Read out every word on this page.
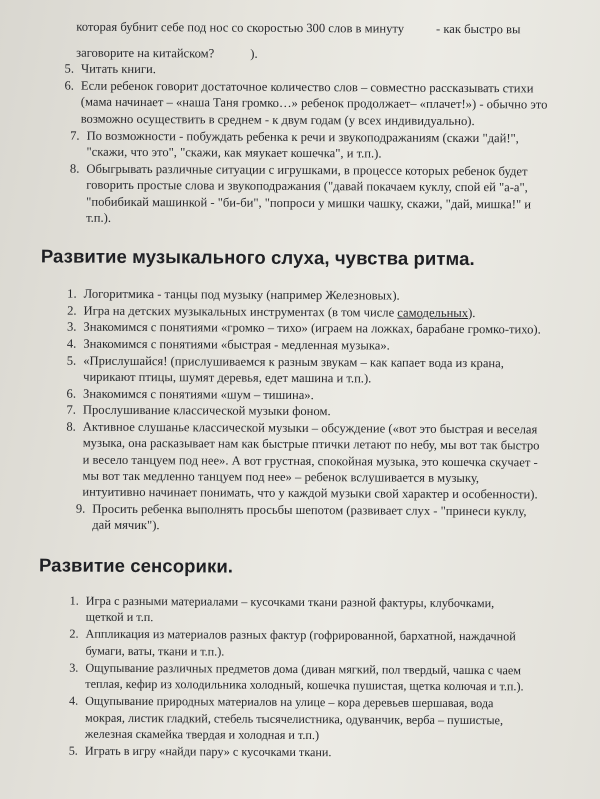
которая бубнит себе под нос со скоростью 300 слов в минуту	- как быстро вы
заговорите на китайском?	).
5. Читать книги.
6. Если ребенок говорит достаточное количество слов – совместно рассказывать стихи (мама начинает – «наша Таня громко…» ребенок продолжает– «плачет!») - обычно это возможно осуществить в среднем - к двум годам (у всех индивидуально).
7. По возможности - побуждать ребенка к речи и звукоподражаниям (скажи "дай!", "скажи, что это", "скажи, как мяукает кошечка", и т.п.).
8. Обыгрывать различные ситуации с игрушками, в процессе которых ребенок будет говорить простые слова и звукоподражания ("давай покачаем куклу, спой ей "а-а", "побибикай машинкой - "би-би", "попроси у мишки чашку, скажи, "дай, мишка!" и т.п.).
Развитие музыкального слуха, чувства ритма.
1. Логоритмика - танцы под музыку (например Железновых).
2. Игра на детских музыкальных инструментах (в том числе самодельных).
3. Знакомимся с понятиями «громко – тихо» (играем на ложках, барабане громко-тихо).
4. Знакомимся с понятиями «быстрая - медленная музыка».
5. «Прислушайся! (прислушиваемся к разным звукам – как капает вода из крана, чирикают птицы, шумят деревья, едет машина и т.п.).
6. Знакомимся с понятиями «шум – тишина».
7. Прослушивание классической музыки фоном.
8. Активное слушанье классической музыки – обсуждение («вот это быстрая и веселая музыка, она расказывает нам как быстрые птички летают по небу, мы вот так быстро и весело танцуем под нее». А вот грустная, спокойная музыка, это кошечка скучает - мы вот так медленно танцуем под нее» – ребенок вслушивается в музыку, интуитивно начинает понимать, что у каждой музыки свой характер и особенности).
9. Просить ребенка выполнять просьбы шепотом (развивает слух - "принеси куклу, дай мячик").
Развитие сенсорики.
1. Игра с разными материалами – кусочками ткани разной фактуры, клубочками, щеткой и т.п.
2. Аппликация из материалов разных фактур (гофрированной, бархатной, наждачной бумаги, ваты, ткани и т.п.).
3. Ощупывание различных предметов дома (диван мягкий, пол твердый, чашка с чаем теплая, кефир из холодильника холодный, кошечка пушистая, щетка колючая и т.п.).
4. Ощупывание природных материалов на улице – кора деревьев шершавая, вода мокрая, листик гладкий, стебель тысячелистника, одуванчик, верба – пушистые, железная скамейка твердая и холодная и т.п.)
5. Играть в игру «найди пару» с кусочками ткани.
